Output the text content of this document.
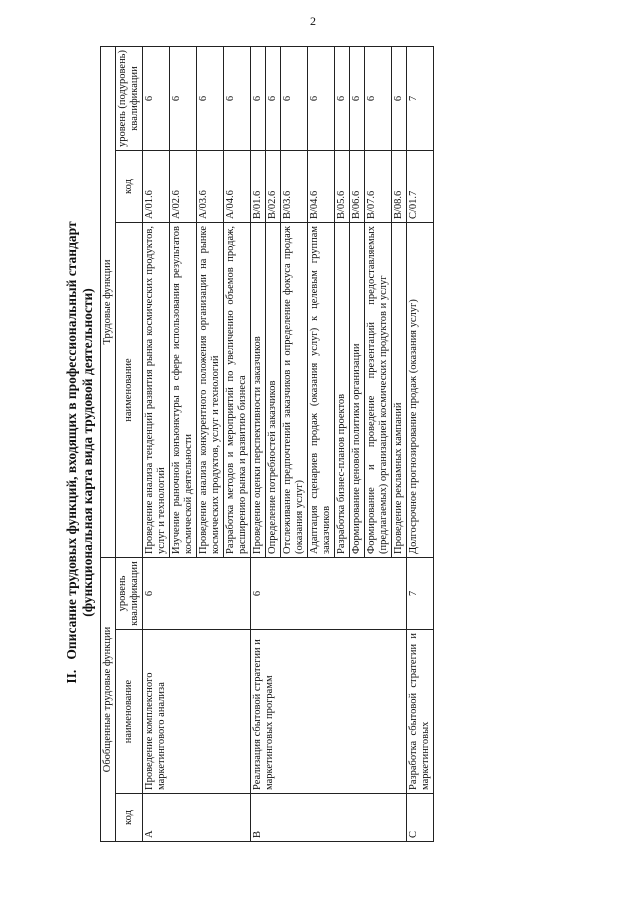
2
II.   Описание трудовых функций, входящих в профессиональный стандарт (функциональная карта вида трудовой деятельности)
Обобщенные трудовые функции			Трудовые функции		
код	наименование	уровень квалификации	наименование	код	уровень (подуровень) квалификации
A	Проведение комплексного маркетингового анализа	6	Проведение анализа тенденций развития рынка космических продуктов, услуг и технологий	A/01.6	6
			Изучение рыночной конъюнктуры в сфере использования результатов космической деятельности	A/02.6	6
			Проведение анализа конкурентного положения организации на рынке космических продуктов, услуг и технологий	A/03.6	6
			Разработка методов и мероприятий по увеличению объемов продаж, расширению рынка и развитию бизнеса	A/04.6	6
B	Реализация сбытовой стратегии и маркетинговых программ	6	Проведение оценки перспективности заказчиков	B/01.6	6
			Определение потребностей заказчиков	B/02.6	6
			Отслеживание предпочтений заказчиков и определение фокуса продаж (оказания услуг)	B/03.6	6
			Адаптация сценариев продаж (оказания услуг) к целевым группам заказчиков	B/04.6	6
			Разработка бизнес-планов проектов	B/05.6	6
			Формирование ценовой политики организации	B/06.6	6
			Формирование и проведение презентаций предоставляемых (предлагаемых) организацией космических продуктов и услуг	B/07.6	6
			Проведение рекламных кампаний	B/08.6	6
C	Разработка сбытовой стратегии и маркетинговых	7	Долгосрочное прогнозирование продаж (оказания услуг)	C/01.7	7
